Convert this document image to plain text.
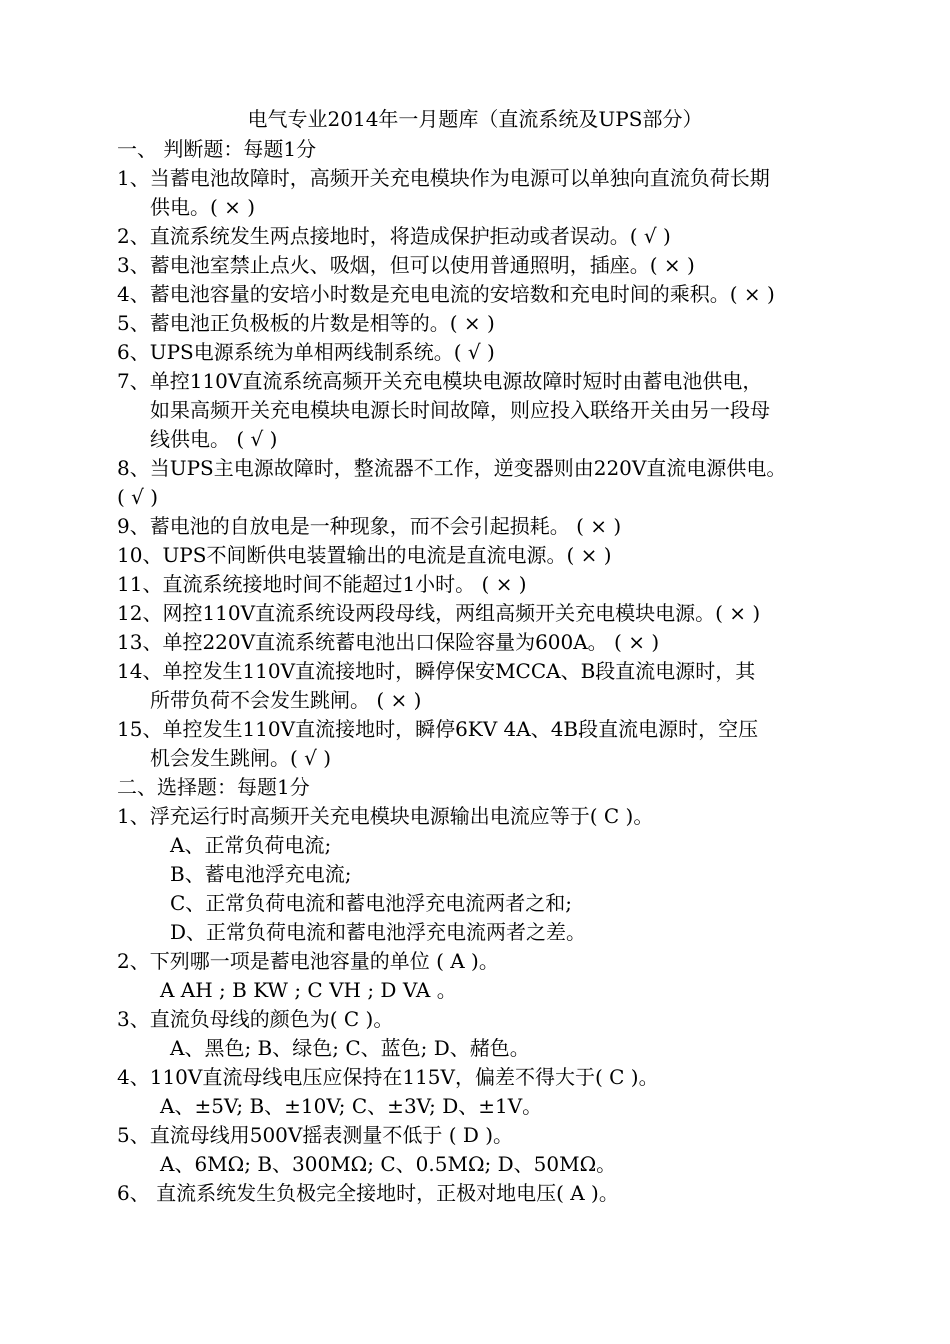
电气专业2014年一月题库（直流系统及UPS部分）
一、 判断题：每题1分
1、当蓄电池故障时，高频开关充电模块作为电源可以单独向直流负荷长期
供电。( × )
2、直流系统发生两点接地时，将造成保护拒动或者误动。( √ )
3、蓄电池室禁止点火、吸烟，但可以使用普通照明，插座。( × )
4、蓄电池容量的安培小时数是充电电流的安培数和充电时间的乘积。( × )
5、蓄电池正负极板的片数是相等的。( × )
6、UPS电源系统为单相两线制系统。( √ )
7、单控110V直流系统高频开关充电模块电源故障时短时由蓄电池供电，
如果高频开关充电模块电源长时间故障，则应投入联络开关由另一段母
线供电。 ( √ )
8、当UPS主电源故障时，整流器不工作，逆变器则由220V直流电源供电。
( √ )
9、蓄电池的自放电是一种现象，而不会引起损耗。 ( × )
10、UPS不间断供电装置输出的电流是直流电源。( × )
11、直流系统接地时间不能超过1小时。 ( × )
12、网控110V直流系统设两段母线，两组高频开关充电模块电源。( × )
13、单控220V直流系统蓄电池出口保险容量为600A。 ( × )
14、单控发生110V直流接地时，瞬停保安MCCA、B段直流电源时，其
所带负荷不会发生跳闸。 ( × )
15、单控发生110V直流接地时，瞬停6KV 4A、4B段直流电源时，空压
机会发生跳闸。( √ )
二、选择题：每题1分
1、浮充运行时高频开关充电模块电源输出电流应等于( C )。
A、正常负荷电流;
B、蓄电池浮充电流;
C、正常负荷电流和蓄电池浮充电流两者之和;
D、正常负荷电流和蓄电池浮充电流两者之差。
2、下列哪一项是蓄电池容量的单位 ( A )。
A AH ; B KW ; C VH ; D VA 。
3、直流负母线的颜色为( C )。
A、黑色; B、绿色; C、蓝色; D、赭色。
4、110V直流母线电压应保持在115V，偏差不得大于( C )。
A、±5V; B、±10V; C、±3V; D、±1V。
5、直流母线用500V摇表测量不低于 ( D )。
A、6MΩ; B、300MΩ; C、0.5MΩ; D、50MΩ。
6、 直流系统发生负极完全接地时，正极对地电压( A )。
